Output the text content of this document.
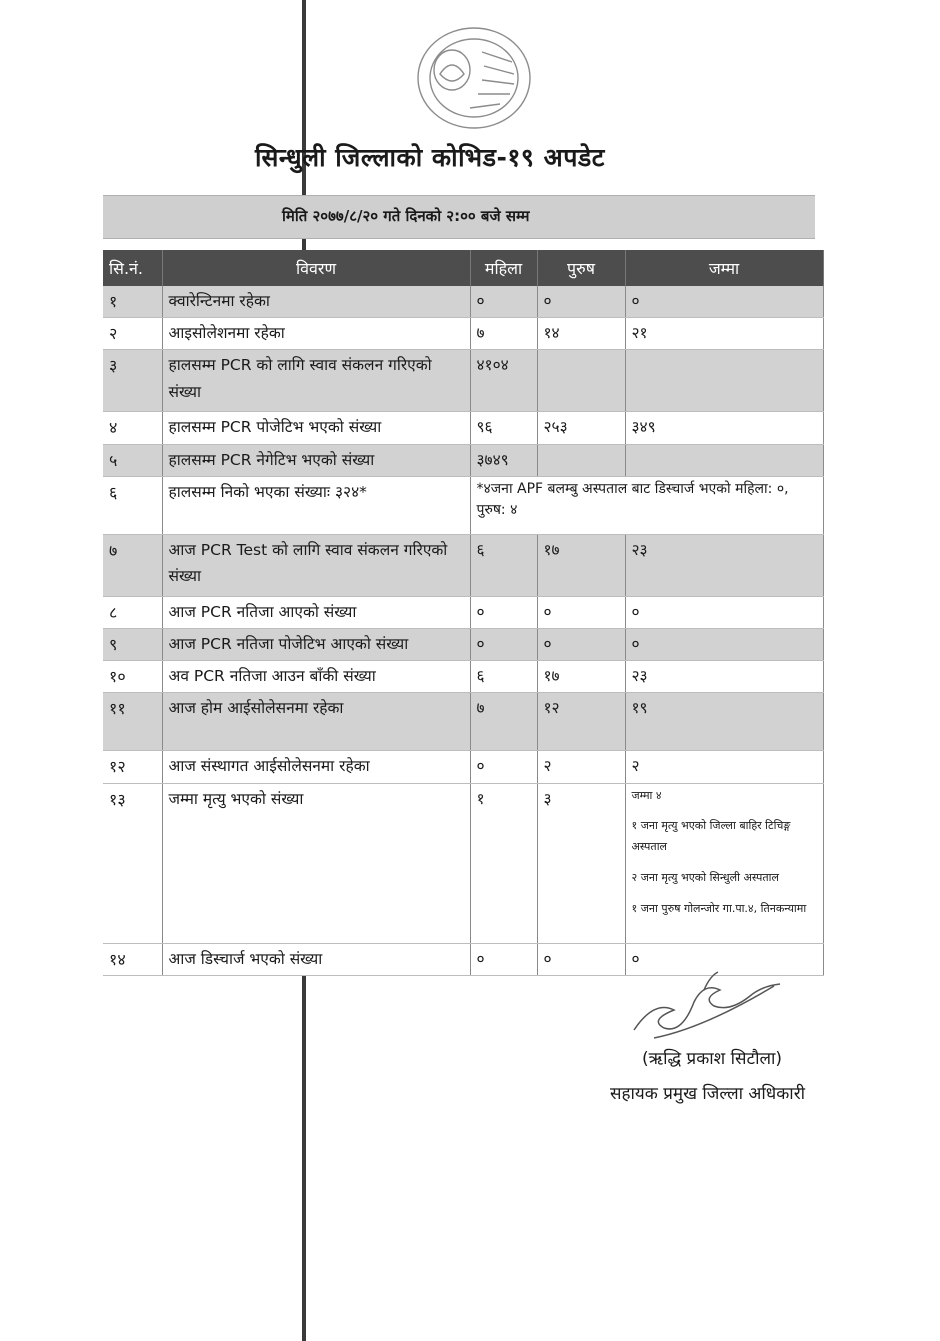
सिन्धुली जिल्लाको कोभिड-१९ अपडेट
मिति २०७७/८/२० गते दिनको २:०० बजे सम्म
सि.नं.	विवरण	महिला	पुरुष	जम्मा
१	क्वारेन्टिनमा रहेका	०	०	०
२	आइसोलेशनमा रहेका	७	१४	२१
३	हालसम्म PCR को लागि स्वाव संकलन गरिएको संख्या	४१०४		
४	हालसम्म PCR पोजेटिभ भएको संख्या	९६	२५३	३४९
५	हालसम्म PCR नेगेटिभ भएको संख्या	३७४९		
६	हालसम्म निको भएका संख्याः ३२४*	*४जना APF बलम्बु अस्पताल बाट डिस्चार्ज भएको महिला: ०, पुरुष: ४		
७	आज PCR Test को लागि स्वाव संकलन गरिएको संख्या	६	१७	२३
८	आज PCR नतिजा आएको संख्या	०	०	०
९	आज PCR नतिजा पोजेटिभ आएको संख्या	०	०	०
१०	अव PCR नतिजा आउन बाँकी संख्या	६	१७	२३
११	आज होम आईसोलेसनमा रहेका	७	१२	१९
१२	आज संस्थागत आईसोलेसनमा रहेका	०	२	२
१३	जम्मा मृत्यु भएको संख्या	१	३	जम्मा ४

१ जना मृत्यु भएको जिल्ला बाहिर टिचिङ्ग अस्पताल

२ जना मृत्यु भएको सिन्धुली अस्पताल

१ जना पुरुष गोलन्जोर गा.पा.४, तिनकन्यामा

१४	आज डिस्चार्ज भएको संख्या	०	०	०
(ऋद्धि प्रकाश सिटौला)
सहायक प्रमुख जिल्ला अधिकारी
